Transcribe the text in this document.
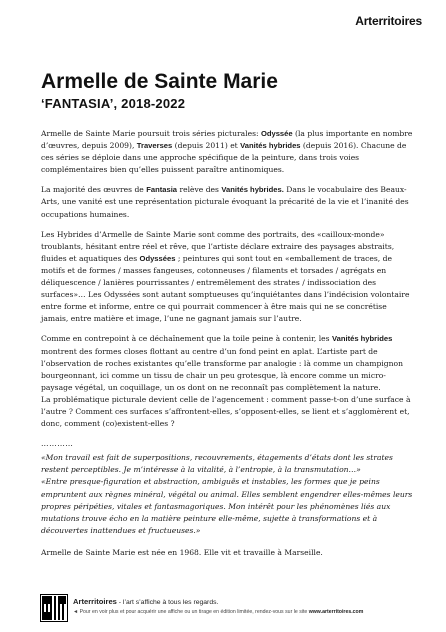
Arterritoires
Armelle de Sainte Marie
‘FANTASIA’, 2018-2022

Armelle de Sainte Marie poursuit trois séries picturales: Odyssée (la plus importante en nombre d’œuvres, depuis 2009), Traverses (depuis 2011) et Vanités hybrides (depuis 2016). Chacune de ces séries se déploie dans une approche spécifique de la peinture, dans trois voies complémentaires bien qu’elles puissent paraître antinomiques.

La majorité des œuvres de Fantasia relève des Vanités hybrides. Dans le vocabulaire des Beaux-Arts, une vanité est une représentation picturale évoquant la précarité de la vie et l’inanité des occupations humaines.

Les Hybrides d’Armelle de Sainte Marie sont comme des portraits, des «cailloux-monde» troublants, hésitant entre réel et rêve, que l’artiste déclare extraire des paysages abstraits, fluides et aquatiques des Odyssées ; peintures qui sont tout en «emballement de traces, de motifs et de formes / masses fangeuses, cotonneuses / filaments et torsades / agrégats en déliquescence / lanières pourrissantes / entremêlement des strates / indissociation des surfaces»… Les Odyssées sont autant somptueuses qu’inquiétantes dans l’indécision volontaire entre forme et informe, entre ce qui pourrait commencer à être mais qui ne se concrétise jamais, entre matière et image, l’une ne gagnant jamais sur l’autre.

Comme en contrepoint à ce déchaînement que la toile peine à contenir, les Vanités hybrides montrent des formes closes flottant au centre d’un fond peint en aplat. L’artiste part de l’observation de roches existantes qu’elle transforme par analogie : là comme un champignon bourgeonnant, ici comme un tissu de chair un peu grotesque, là encore comme un micro-paysage végétal, un coquillage, un os dont on ne reconnaît pas complètement la nature.
La problématique picturale devient celle de l’agencement : comment passe-t-on d’une surface à l’autre ? Comment ces surfaces s’affrontent-elles, s’opposent-elles, se lient et s’agglomèrent et, donc, comment (co)existent-elles ?

…………

«Mon travail est fait de superpositions, recouvrements, étagements d’états dont les strates restent perceptibles. Je m’intéresse à la vitalité, à l’entropie, à la transmutation…»

«Entre presque-figuration et abstraction, ambiguës et instables, les formes que je peins empruntent aux règnes minéral, végétal ou animal. Elles semblent engendrer elles-mêmes leurs propres péripéties, vitales et fantasmagoriques. Mon intérêt pour les phénomènes liés aux mutations trouve écho en la matière peinture elle-même, sujette à transformations et à découvertes inattendues et fructueuses.»

Armelle de Sainte Marie est née en 1968. Elle vit et travaille à Marseille.

Arterritoires - l’art s’affiche à tous les regards.
◄ Pour en voir plus et pour acquérir une affiche ou un tirage en édition limitée, rendez-vous sur le site www.arterritoires.com
